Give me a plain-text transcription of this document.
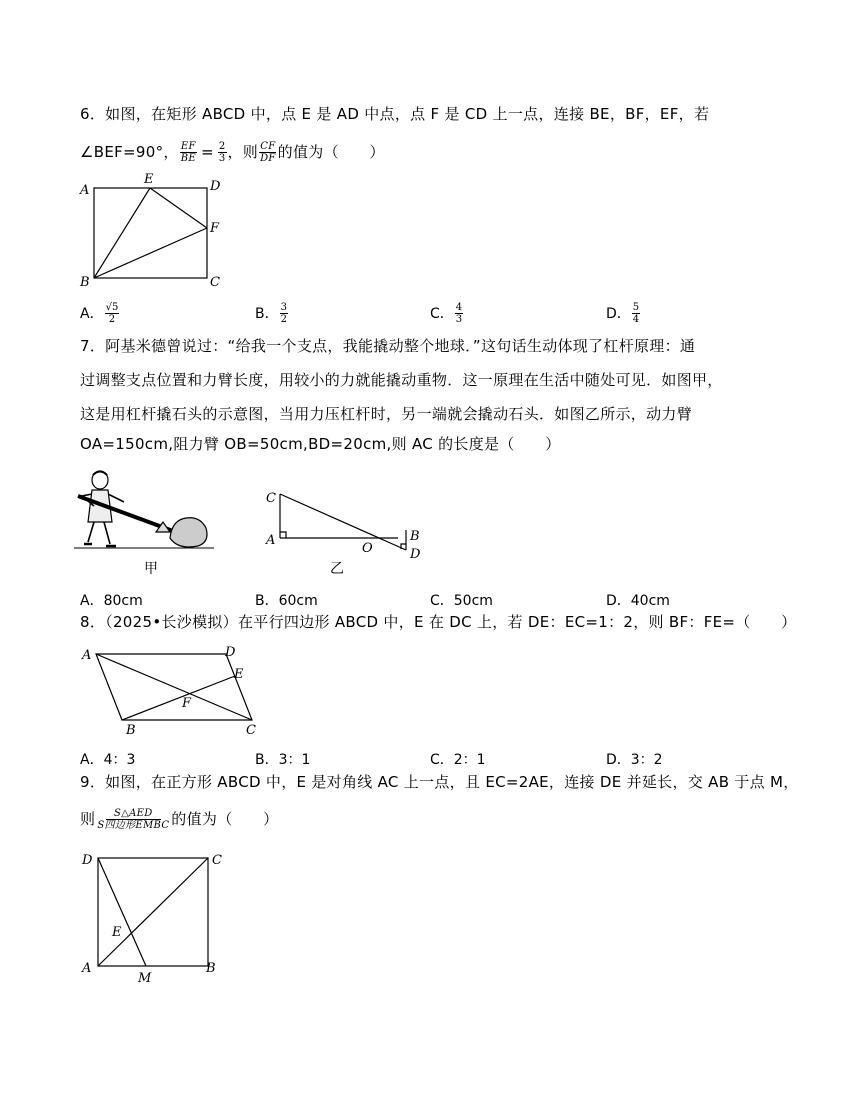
6．如图，在矩形 ABCD 中，点 E 是 AD 中点，点 F 是 CD 上一点，连接 BE，BF，EF，若
∠BEF=90°， $\frac{EF}{BE} = \frac{2}{3}$ ，则 $\frac{CF}{DF}$ 的值为（　　）
A
E	D
F
B	C
A． $\frac{√5}{2}$	B． $\frac{3}{2}$	C． $\frac{4}{3}$	D． $\frac{5}{4}$
7．阿基米德曾说过：“给我一个支点，我能撬动整个地球．”这句话生动体现了杠杆原理：通
过调整支点位置和力臂长度，用较小的力就能撬动重物．这一原理在生活中随处可见．如图甲，
这是用杠杆撬石头的示意图，当用力压杠杆时，另一端就会撬动石头．如图乙所示，动力臂
OA=150cm,阻力臂 OB=50cm,BD=20cm,则 AC 的长度是（　　）
甲
C
A
O
B
D
乙
A．80cm	B．60cm	C．50cm	D．40cm
8．（2025•长沙模拟）在平行四边形 ABCD 中，E 在 DC 上，若 DE：EC=1：2，则 BF：FE=（　　）
A	D
E
F
B	C
A．4：3	B．3：1	C．2：1	D．3：2
9．如图，在正方形 ABCD 中，E 是对角线 AC 上一点，且 EC=2AE，连接 DE 并延长，交 AB 于点 M，
则 $\frac{\text{S△AED}}{\text{S四边形EMBC}}$ 的值为（　　）
D	C
E
A
M
B
